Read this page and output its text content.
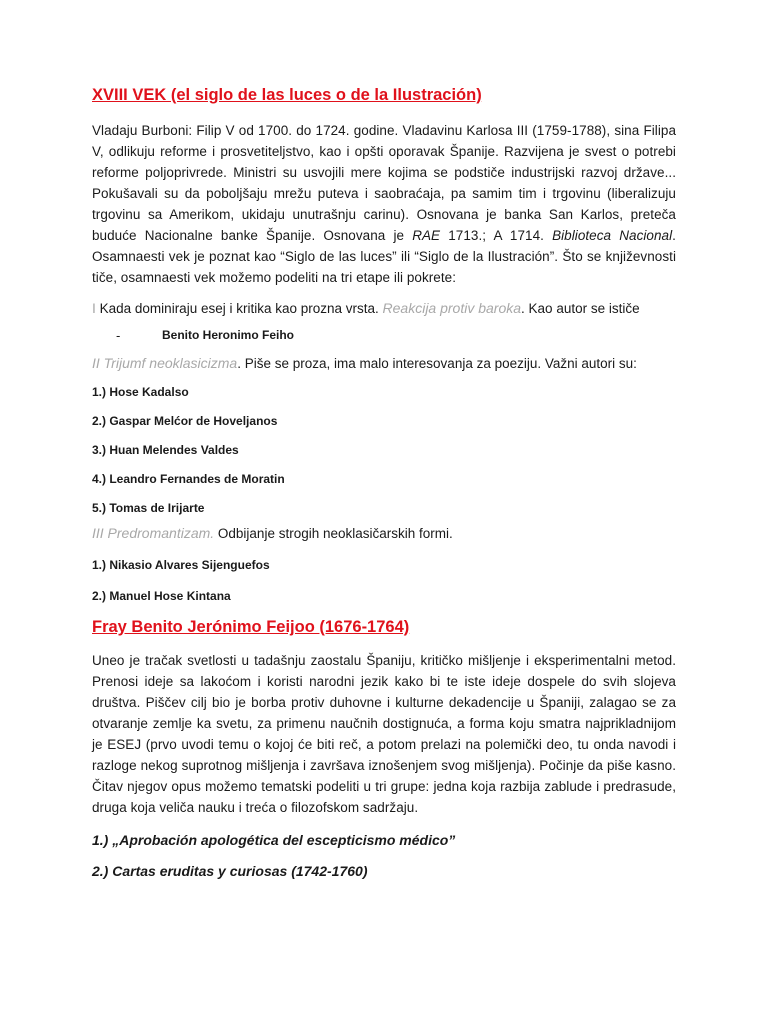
XVIII VEK (el siglo de las luces o de la Ilustración)

Vladaju Burboni: Filip V od 1700. do 1724. godine. Vladavinu Karlosa III (1759-1788), sina Filipa V, odlikuju reforme i prosvetiteljstvo, kao i opšti oporavak Španije. Razvijena je svest o potrebi reforme poljoprivrede. Ministri su usvojili mere kojima se podstiče industrijski razvoj države... Pokušavali su da poboljšaju mrežu puteva i saobraćaja, pa samim tim i trgovinu (liberalizuju trgovinu sa Amerikom, ukidaju unutrašnju carinu). Osnovana je banka San Karlos, preteča buduće Nacionalne banke Španije. Osnovana je RAE 1713.; A 1714. Biblioteca Nacional. Osamnaesti vek je poznat kao “Siglo de las luces” ili “Siglo de la Ilustración”. Što se književnosti tiče, osamnaesti vek možemo podeliti na tri etape ili pokrete:

I Kada dominiraju esej i kritika kao prozna vrsta. Reakcija protiv baroka. Kao autor se ističe

-	Benito Heronimo Feiho

II Trijumf neoklasicizma. Piše se proza, ima malo interesovanja za poeziju. Važni autori su:

1.) Hose Kadalso

2.) Gaspar Melćor de Hoveljanos

3.) Huan Melendes Valdes

4.) Leandro Fernandes de Moratin

5.) Tomas de Irijarte

III Predromantizam. Odbijanje strogih neoklasičarskih formi.

1.) Nikasio Alvares Sijenguefos

2.) Manuel Hose Kintana

Fray Benito Jerónimo Feijoo (1676-1764)

Uneo je tračak svetlosti u tadašnju zaostalu Španiju, kritičko mišljenje i eksperimentalni metod. Prenosi ideje sa lakoćom i koristi narodni jezik kako bi te iste ideje dospele do svih slojeva društva. Piščev cilj bio je borba protiv duhovne i kulturne dekadencije u Španiji, zalagao se za otvaranje zemlje ka svetu, za primenu naučnih dostignuća, a forma koju smatra najprikladnijom je ESEJ (prvo uvodi temu o kojoj će biti reč, a potom prelazi na polemički deo, tu onda navodi i razloge nekog suprotnog mišljenja i završava iznošenjem svog mišljenja). Počinje da piše kasno. Čitav njegov opus možemo tematski podeliti u tri grupe: jedna koja razbija zablude i predrasude, druga koja veliča nauku i treća o filozofskom sadržaju.

1.) „Aprobación apologética del escepticismo médico”

2.) Cartas eruditas y curiosas (1742-1760)
